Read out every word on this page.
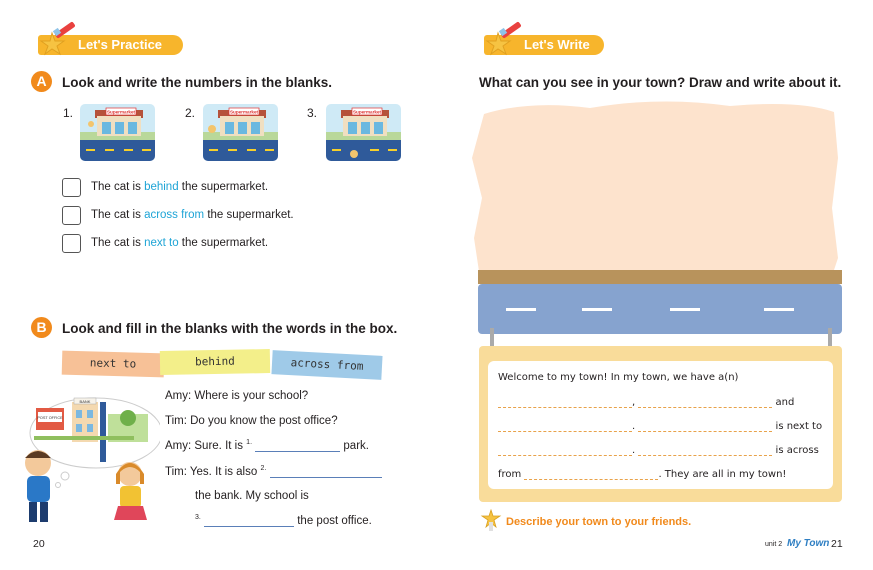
Let's Practice
A	Look and write the numbers in the blanks.
1.	2.	3.
Supermarket	Supermarket	Supermarket
The cat is behind the supermarket.
The cat is across from the supermarket.
The cat is next to the supermarket.
B	Look and fill in the blanks with the words in the box.
next to	behind	across from
POST OFFICE
BANK	Amy: Where is your school?
Tim: Do you know the post office?
Amy: Sure. It is $^{1.}$	park.
Tim: Yes. It is also $^{2.}$
the bank. My school is
$^{3.}$	the post office.
20
Let's Write
What can you see in your town? Draw and write about it.
Welcome to my town! In my town, we have a(n)
,	and
.	is next to
.	is across
from	. They are all in my town!
Describe your town to your friends.
unit 2 My Town 21
